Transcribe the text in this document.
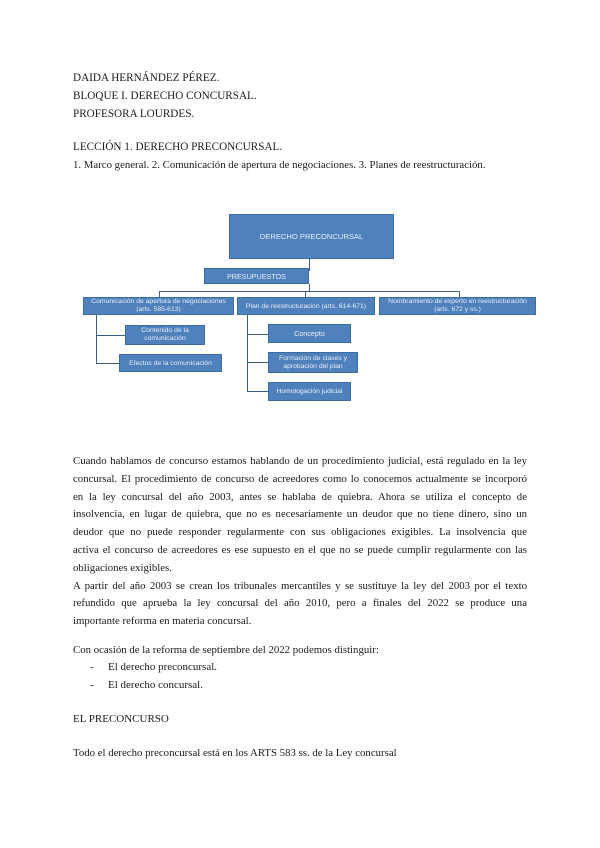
DAIDA HERNÁNDEZ PÉREZ.
BLOQUE I. DERECHO CONCURSAL.
PROFESORA LOURDES.
LECCIÓN 1. DERECHO PRECONCURSAL.
1. Marco general. 2. Comunicación de apertura de negociaciones. 3. Planes de reestructuración.
DERECHO PRECONCURSAL
PRESUPUESTOS
Comunicación de apertura de negociaciones (arts. 585-613)	Plan de reestructuración (arts. 614-671)
Nombramiento de experto en reestructuración (arts. 672 y ss.)
Contenido de la comunicación
Efectos de la comunicación
Concepto
Formación de clases y aprobación del plan
Homologación judicial
Cuando hablamos de concurso estamos hablando de un procedimiento judicial, está regulado en la ley
concursal. El procedimiento de concurso de acreedores como lo conocemos actualmente se incorporó
en la ley concursal del año 2003, antes se hablaba de quiebra. Ahora se utiliza el concepto de
insolvencia, en lugar de quiebra, que no es necesariamente un deudor que no tiene dinero, sino un
deudor que no puede responder regularmente con sus obligaciones exigibles. La insolvencia que
activa el concurso de acreedores es ese supuesto en el que no se puede cumplir regularmente con las
obligaciones exigibles.
A partir del año 2003 se crean los tribunales mercantiles y se sustituye la ley del 2003 por el texto
refundido que aprueba la ley concursal del año 2010, pero a finales del 2022 se produce una
importante reforma en materia concursal.
Con ocasión de la reforma de septiembre del 2022 podemos distinguir:
- El derecho preconcursal.
- El derecho concursal.
EL PRECONCURSO
Todo el derecho preconcursal está en los ARTS 583 ss. de la Ley concursal
